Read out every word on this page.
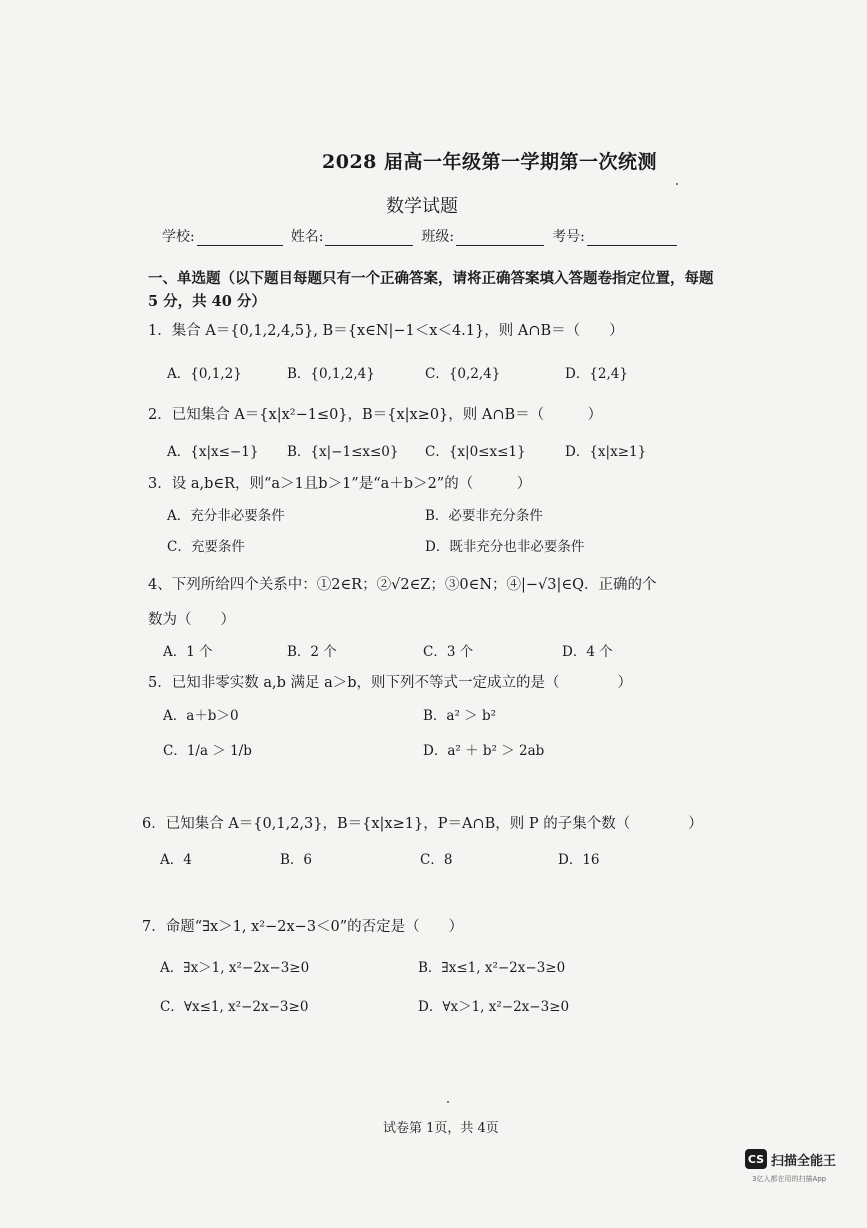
2028 届高一年级第一学期第一次统测
数学试题
学校:	姓名:	班级:	考号:
一、单选题（以下题目每题只有一个正确答案，请将正确答案填入答题卷指定位置，每题 5 分，共 40 分）
1．集合 A＝{0,1,2,4,5}, B＝{x∈N|−1＜x＜4.1}，则 A∩B＝（　　）
A．{0,1,2}	B．{0,1,2,4}	C．{0,2,4}	D．{2,4}
2．已知集合 A＝{x|x²−1≤0}，B＝{x|x≥0}，则 A∩B＝（　　　）
A．{x|x≤−1} B．{x|−1≤x≤0} C．{x|0≤x≤1}	D．{x|x≥1}
3．设 a,b∈R，则“a＞1且b＞1”是“a＋b＞2”的（　　　）
A．充分非必要条件	B．必要非充分条件
C．充要条件	D．既非充分也非必要条件
4、下列所给四个关系中：①2∈R；②√2∈Z；③0∈N；④|−√3|∈Q．正确的个
数为（　　）
A．1 个	B．2 个	C．3 个	D．4 个
5．已知非零实数 a,b 满足 a＞b，则下列不等式一定成立的是（　　　　）
A．a＋b＞0	B．a² ＞ b²
C．1/a ＞ 1/b	D．a² ＋ b² ＞ 2ab
6．已知集合 A＝{0,1,2,3}，B＝{x|x≥1}，P＝A∩B，则 P 的子集个数（　　　　）
A．4	B．6	C．8	D．16
7．命题“∃x＞1, x²−2x−3＜0”的否定是（　　）
A．∃x＞1, x²−2x−3≥0	B．∃x≤1, x²−2x−3≥0
C．∀x≤1, x²−2x−3≥0	D．∀x＞1, x²−2x−3≥0
试卷第 1页，共 4页
CS 扫描全能王
3亿人都在用的扫描App
